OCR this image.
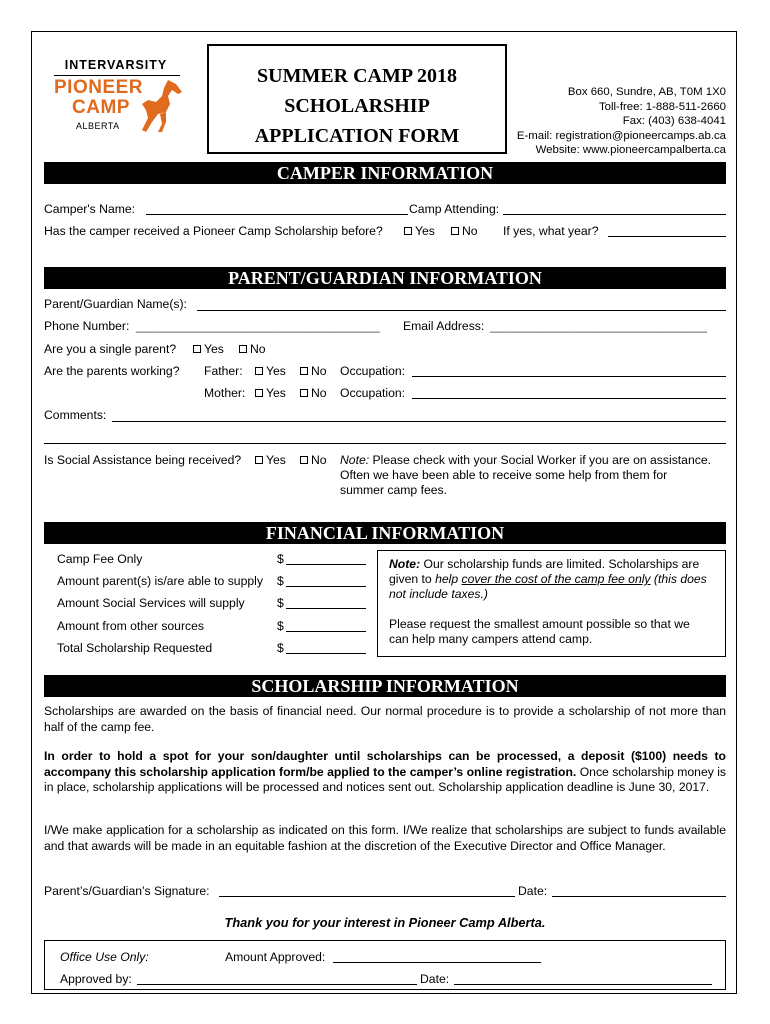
INTERVARSITY
PIONEER
CAMP
ALBERTA
SUMMER CAMP 2018
SCHOLARSHIP
APPLICATION FORM
Box 660, Sundre, AB, T0M 1X0
Toll-free: 1-888-511-2660
Fax: (403) 638-4041
E-mail: registration@pioneercamps.ab.ca
Website: www.pioneercampalberta.ca
CAMPER INFORMATION
Camper's Name:	Camp Attending:
Has the camper received a Pioneer Camp Scholarship before?	Yes	No If yes, what year?
PARENT/GUARDIAN INFORMATION
Parent/Guardian Name(s):
Phone Number: ____________________________________ Email Address: ________________________________
Are you a single parent?	Yes	No
Are the parents working? Father:	Yes	No Occupation:
Mother:	Yes	No Occupation:
Comments:
Is Social Assistance being received?	Yes	No Note: Please check with your Social Worker if you are on assistance.
Often we have been able to receive some help from them for
summer camp fees.
FINANCIAL INFORMATION
Camp Fee Only	$
Amount parent(s) is/are able to supply $
Amount Social Services will supply	$
Amount from other sources	$
Total Scholarship Requested	$
Note: Our scholarship funds are limited. Scholarships are
given to help cover the cost of the camp fee only (this does
not include taxes.)
Please request the smallest amount possible so that we
can help many campers attend camp.
SCHOLARSHIP INFORMATION
Scholarships are awarded on the basis of financial need. Our normal procedure is to provide a scholarship of not more than half of the camp fee.
In order to hold a spot for your son/daughter until scholarships can be processed, a deposit ($100) needs to accompany this scholarship application form/be applied to the camper’s online registration. Once scholarship money is in place, scholarship applications will be processed and notices sent out. Scholarship application deadline is June 30, 2017.
I/We make application for a scholarship as indicated on this form. I/We realize that scholarships are subject to funds available and that awards will be made in an equitable fashion at the discretion of the Executive Director and Office Manager.
Parent’s/Guardian’s Signature:	Date:
Thank you for your interest in Pioneer Camp Alberta.
Office Use Only:	Amount Approved:
Approved by:	Date:
